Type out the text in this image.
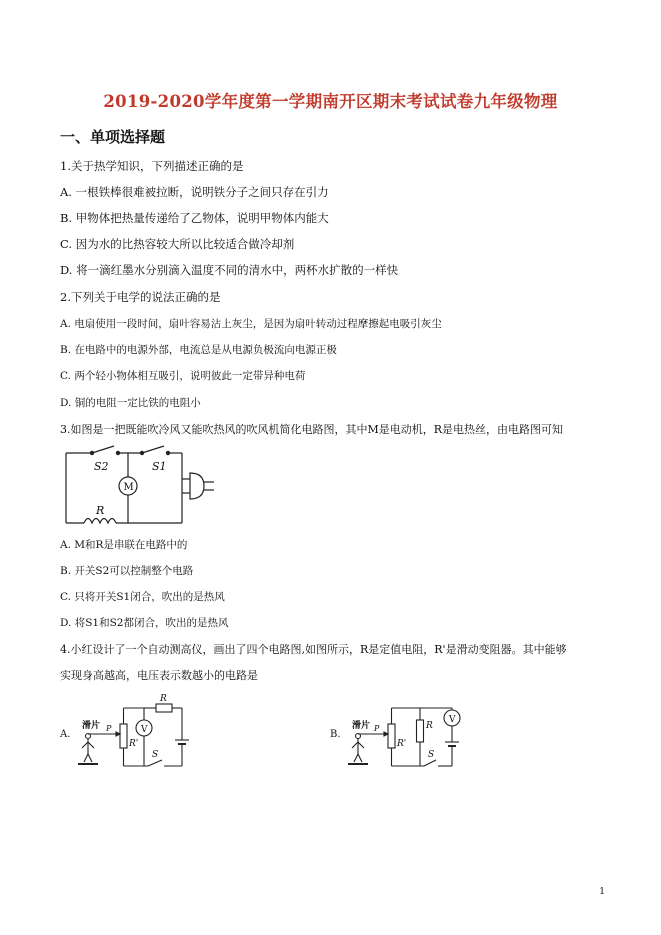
2019-2020学年度第一学期南开区期末考试试卷九年级物理
一、单项选择题
1.关于热学知识，下列描述正确的是
A. 一根铁棒很难被拉断，说明铁分子之间只存在引力
B. 甲物体把热量传递给了乙物体，说明甲物体内能大
C. 因为水的比热容较大所以比较适合做冷却剂
D. 将一滴红墨水分别滴入温度不同的清水中，两杯水扩散的一样快
2.下列关于电学的说法正确的是
A. 电扇使用一段时间，扇叶容易沾上灰尘，是因为扇叶转动过程摩擦起电吸引灰尘
B. 在电路中的电源外部，电流总是从电源负极流向电源正极
C. 两个轻小物体相互吸引，说明彼此一定带异种电荷
D. 铜的电阻一定比铁的电阻小
3.如图是一把既能吹冷风又能吹热风的吹风机简化电路图，其中M是电动机，R是电热丝，由电路图可知
S2	S1
M
R
A. M和R是串联在电路中的
B. 开关S2可以控制整个电路
C. 只将开关S1闭合，吹出的是热风
D. 将S1和S2都闭合，吹出的是热风
4.小红设计了一个自动测高仪，画出了四个电路图,如图所示，R是定值电阻，R'是滑动变阻器。其中能够
实现身高越高，电压表示数越小的电路是
A.
滑片 P
R'
V
R
S
B.
滑片 P
R'
R
V
S
1
